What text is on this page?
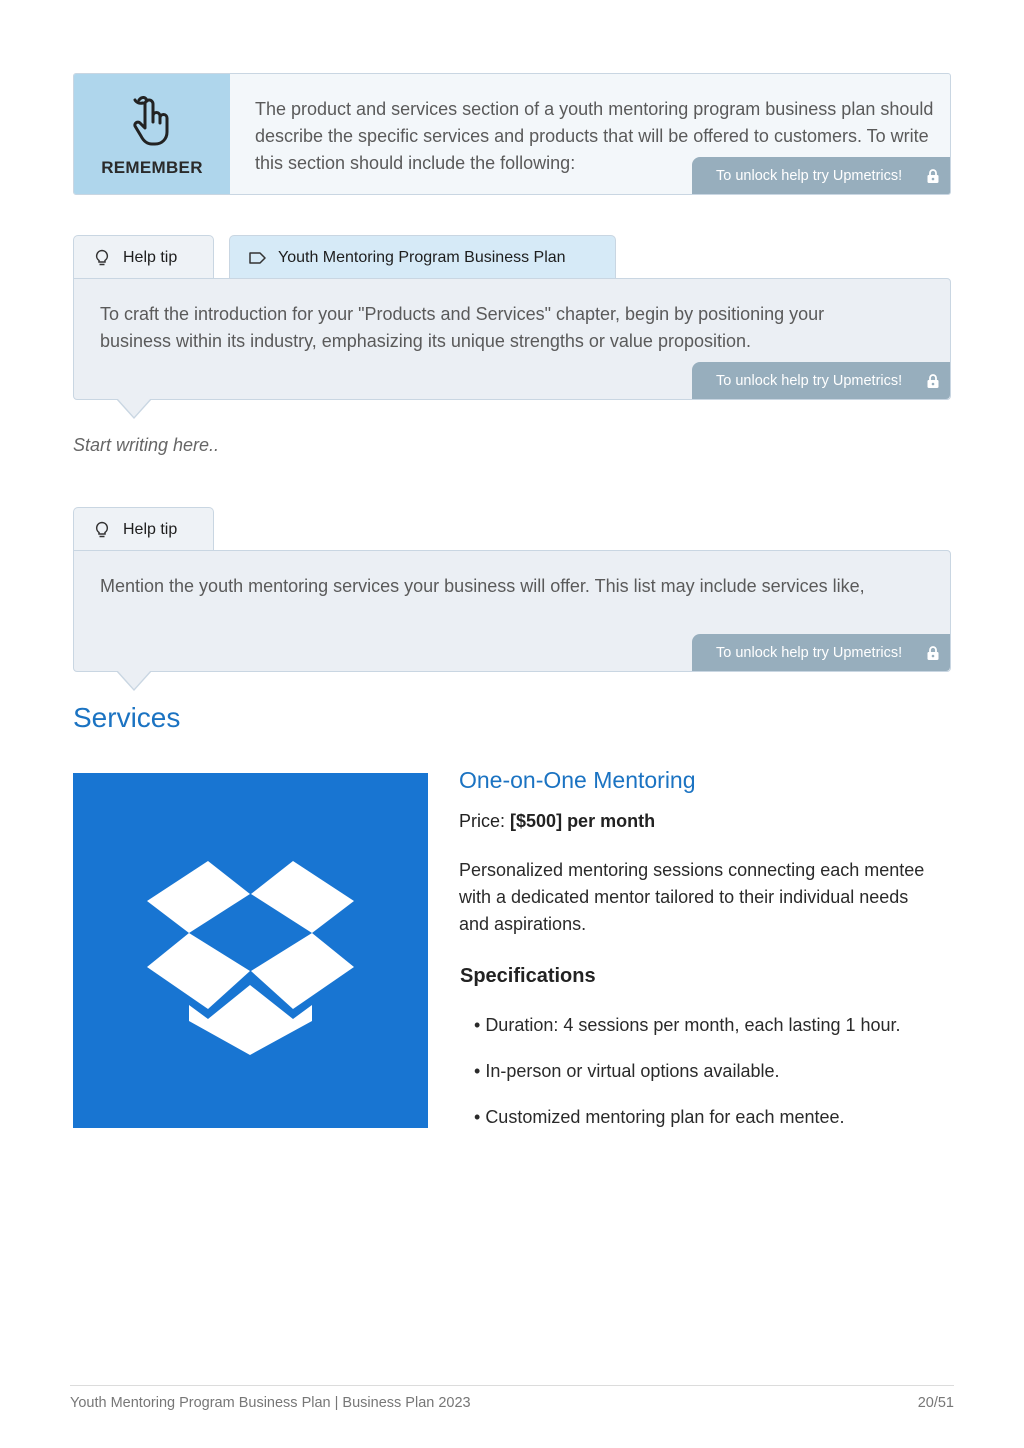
REMEMBER
The product and services section of a youth mentoring program business plan should describe the specific services and products that will be offered to customers. To write this section should include the following:
To unlock help try Upmetrics!
Help tip	Youth Mentoring Program Business Plan
To craft the introduction for your "Products and Services" chapter, begin by positioning your business within its industry, emphasizing its unique strengths or value proposition.
To unlock help try Upmetrics!
Start writing here..
Help tip
Mention the youth mentoring services your business will offer. This list may include services like,
To unlock help try Upmetrics!
Services
One-on-One Mentoring
Price: [$500] per month
Personalized mentoring sessions connecting each mentee with a dedicated mentor tailored to their individual needs and aspirations.
Specifications
• Duration: 4 sessions per month, each lasting 1 hour.
• In-person or virtual options available.
• Customized mentoring plan for each mentee.
Youth Mentoring Program Business Plan | Business Plan 2023	20/51
